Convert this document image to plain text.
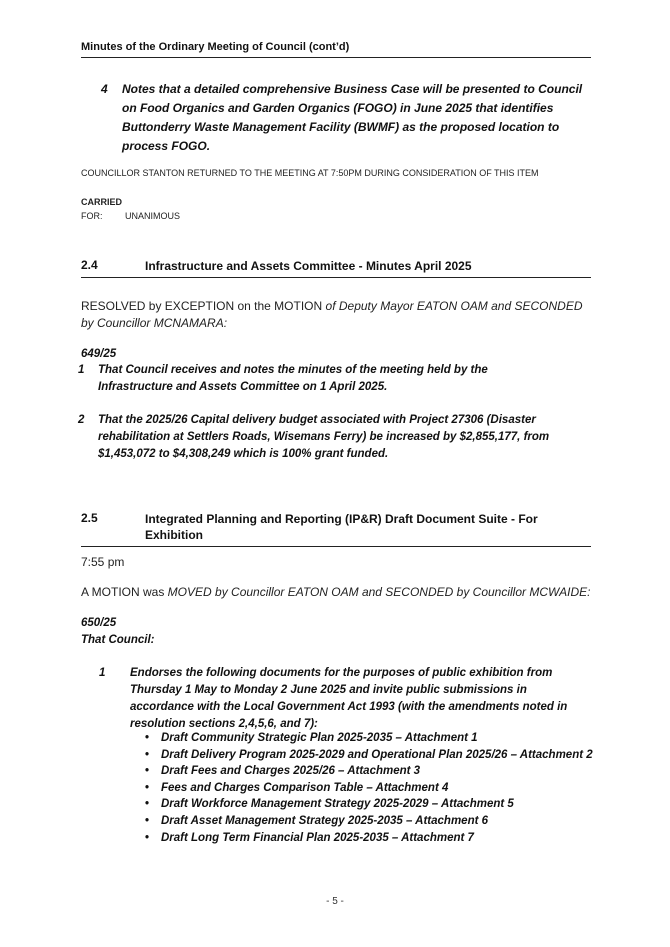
Minutes of the Ordinary Meeting of Council (cont’d)
4 Notes that a detailed comprehensive Business Case will be presented to Council on Food Organics and Garden Organics (FOGO) in June 2025 that identifies Buttonderry Waste Management Facility (BWMF) as the proposed location to process FOGO.
COUNCILLOR STANTON RETURNED TO THE MEETING AT 7:50PM DURING CONSIDERATION OF THIS ITEM
CARRIED
FOR:	UNANIMOUS
2.4	Infrastructure and Assets Committee - Minutes April 2025
RESOLVED by EXCEPTION on the MOTION of Deputy Mayor EATON OAM and SECONDED by Councillor MCNAMARA:
649/25
1 That Council receives and notes the minutes of the meeting held by the Infrastructure and Assets Committee on 1 April 2025.
2 That the 2025/26 Capital delivery budget associated with Project 27306 (Disaster rehabilitation at Settlers Roads, Wisemans Ferry) be increased by $2,855,177, from $1,453,072 to $4,308,249 which is 100% grant funded.
2.5	Integrated Planning and Reporting (IP&R) Draft Document Suite - For Exhibition
7:55 pm
A MOTION was MOVED by Councillor EATON OAM and SECONDED by Councillor MCWAIDE:
650/25
That Council:
1 Endorses the following documents for the purposes of public exhibition from Thursday 1 May to Monday 2 June 2025 and invite public submissions in accordance with the Local Government Act 1993 (with the amendments noted in resolution sections 2,4,5,6, and 7):
• Draft Community Strategic Plan 2025-2035 – Attachment 1
• Draft Delivery Program 2025-2029 and Operational Plan 2025/26 – Attachment 2
• Draft Fees and Charges 2025/26 – Attachment 3
• Fees and Charges Comparison Table – Attachment 4
• Draft Workforce Management Strategy 2025-2029 – Attachment 5
• Draft Asset Management Strategy 2025-2035 – Attachment 6
• Draft Long Term Financial Plan 2025-2035 – Attachment 7
- 5 -
